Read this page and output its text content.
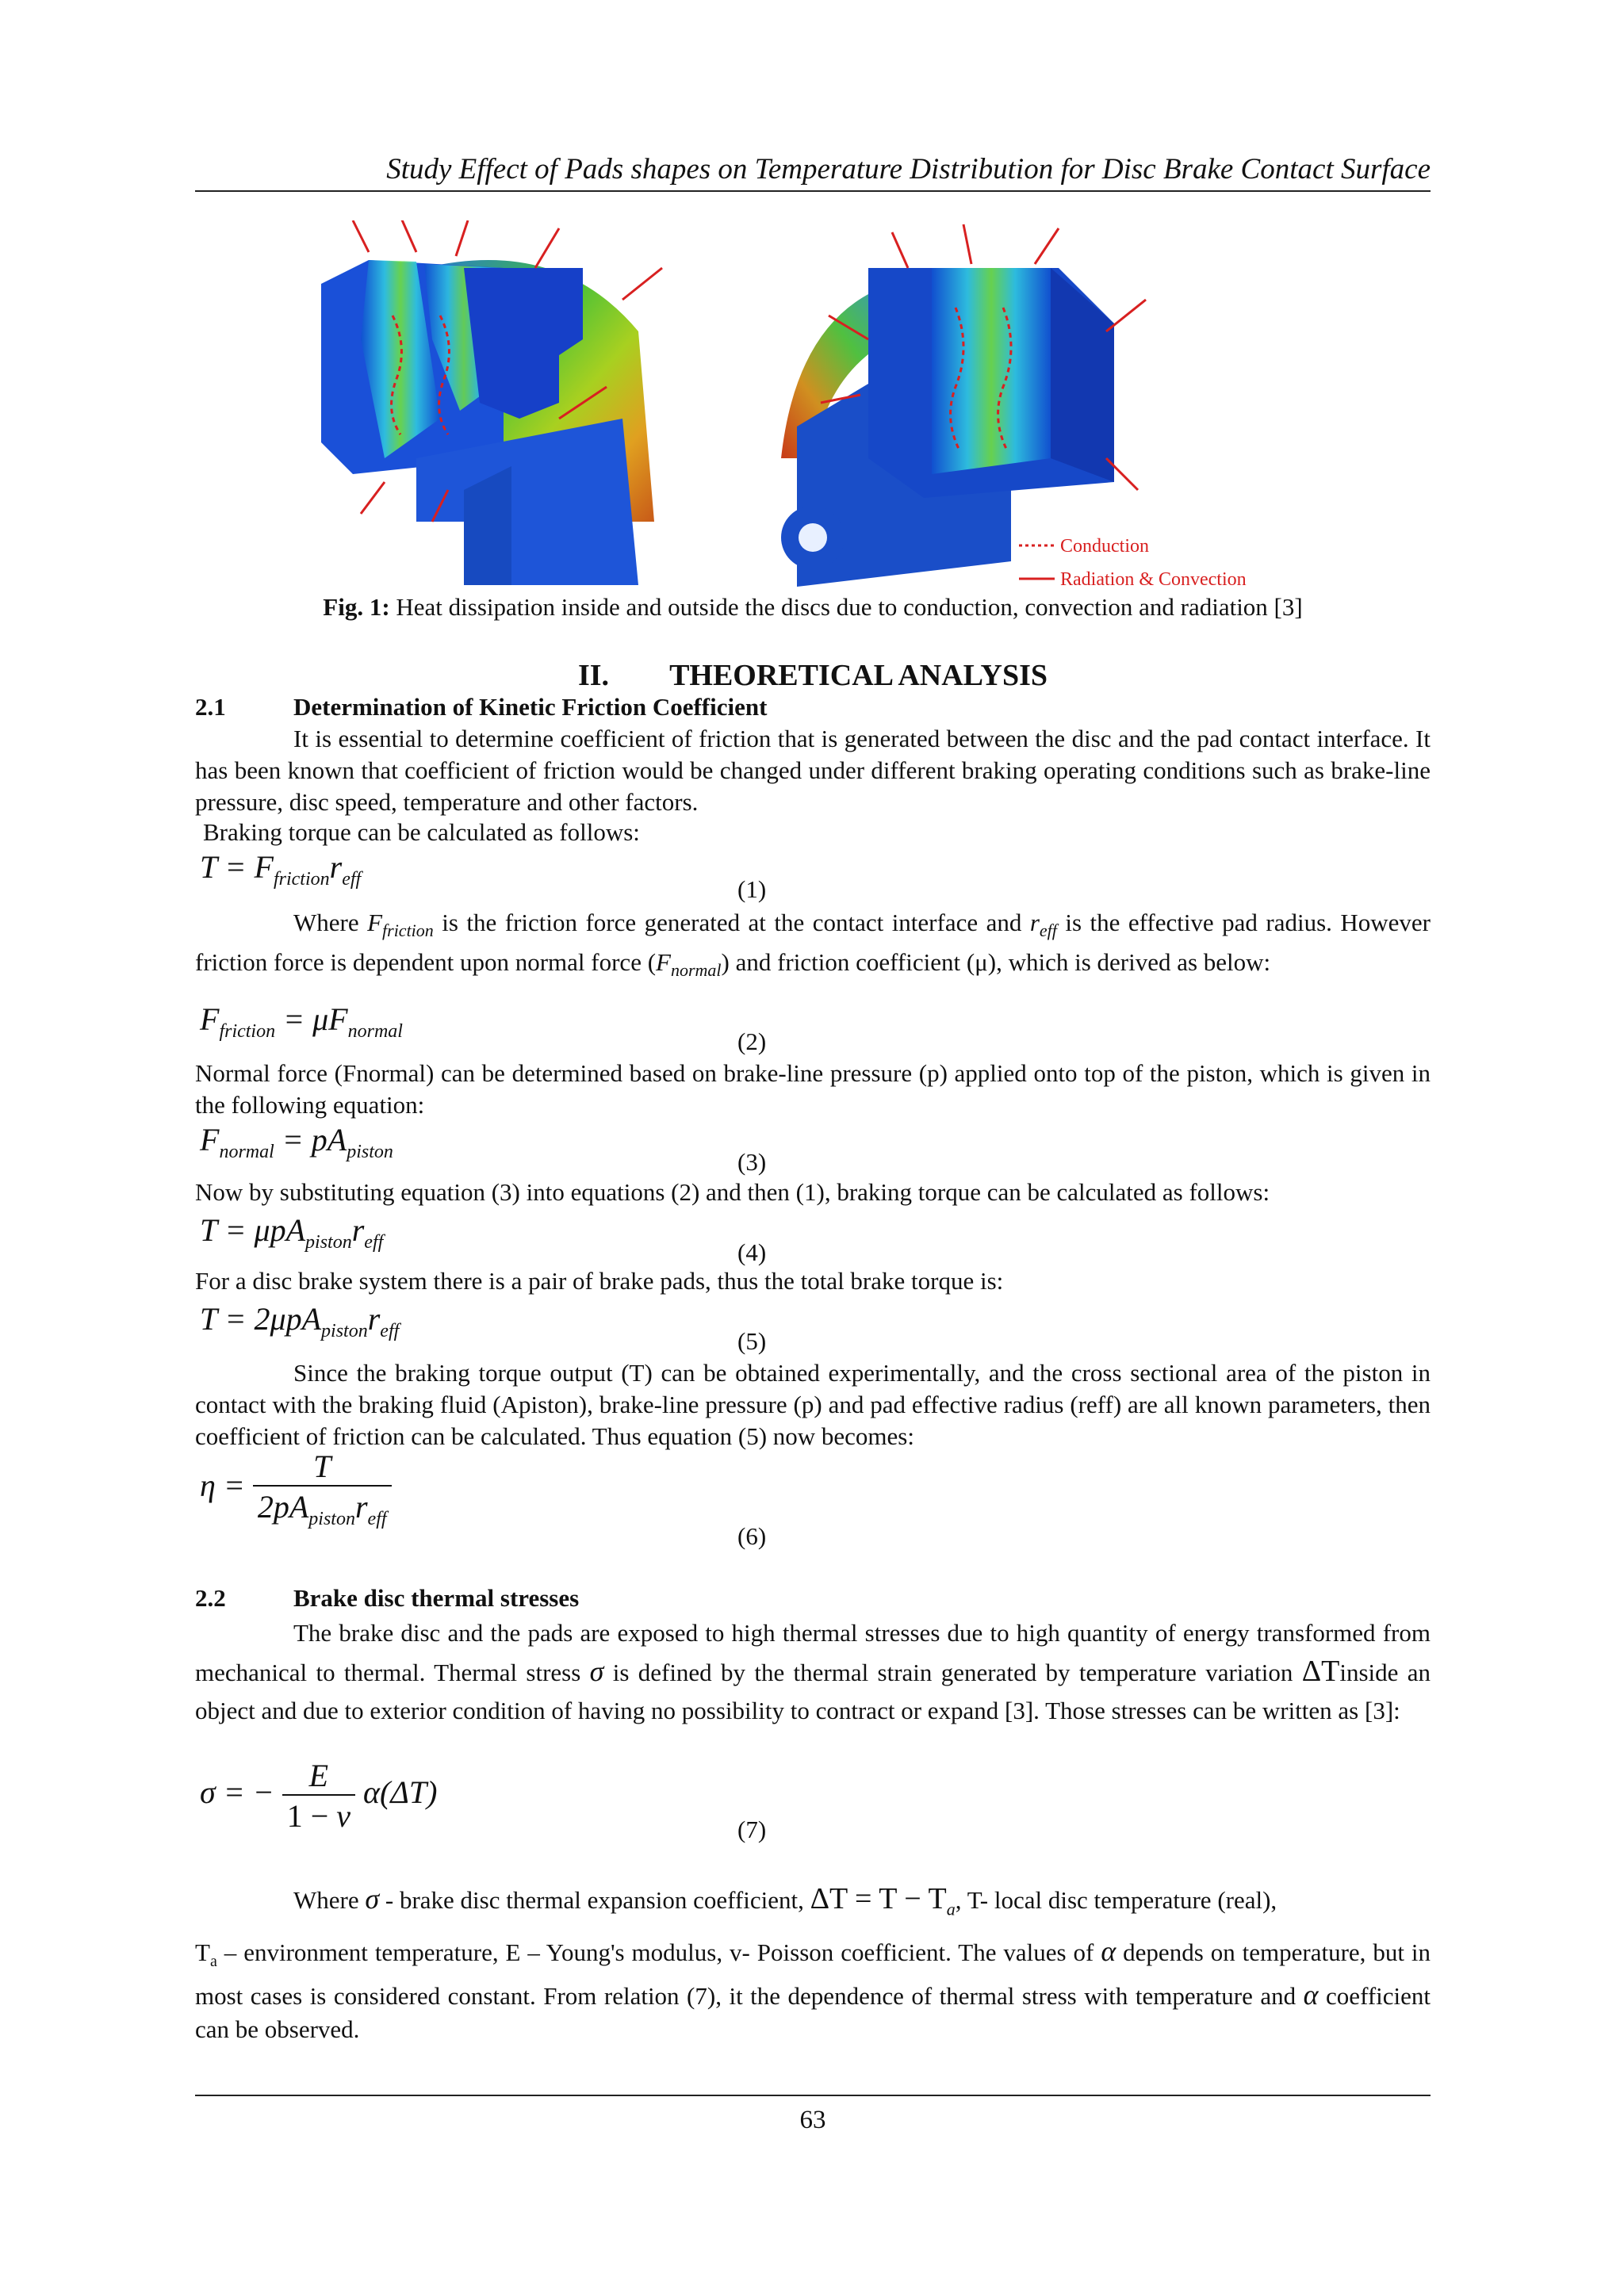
Study Effect of Pads shapes on Temperature Distribution for Disc Brake Contact Surface
Conduction
Radiation & Convection
Fig. 1: Heat dissipation inside and outside the discs due to conduction, convection and radiation [3]
II. THEORETICAL ANALYSIS
2.1	Determination of Kinetic Friction Coefficient
It is essential to determine coefficient of friction that is generated between the disc and the pad contact interface. It has been known that coefficient of friction would be changed under different braking operating conditions such as brake-line pressure, disc speed, temperature and other factors.
Braking torque can be calculated as follows:
$T = F_{friction}r_{eff}$	(1)
Where $F_{friction}$ is the friction force generated at the contact interface and $r_{eff}$ is the effective pad radius. However friction force is dependent upon normal force $(F_{normal})$ and friction coefficient (μ), which is derived as below:
$F_{friction} = \mu F_{normal}$	(2)
Normal force (Fnormal) can be determined based on brake-line pressure (p) applied onto top of the piston, which is given in the following equation:
$F_{normal} = pA_{piston}$	(3)
Now by substituting equation (3) into equations (2) and then (1), braking torque can be calculated as follows:
$T = \mu pA_{piston}r_{eff}$	(4)
For a disc brake system there is a pair of brake pads, thus the total brake torque is:
$T = 2\mu pA_{piston}r_{eff}$	(5)
Since the braking torque output (T) can be obtained experimentally, and the cross sectional area of the piston in contact with the braking fluid (Apiston), brake-line pressure (p) and pad effective radius (reff) are all known parameters, then coefficient of friction can be calculated. Thus equation (5) now becomes:
$\eta = \frac{T}{2pA_{piston}r_{eff}}$
(6)
2.2	Brake disc thermal stresses
The brake disc and the pads are exposed to high thermal stresses due to high quantity of energy transformed from mechanical to thermal. Thermal stress σ is defined by the thermal strain generated by temperature variation ΔTinside an object and due to exterior condition of having no possibility to contract or expand [3]. Those stresses can be written as [3]:
σ = − $\frac{E}{1 - v} \alpha(\Delta T)$
(7)
Where σ - brake disc thermal expansion coefficient, $\Delta T = T - T_a$, T- local disc temperature (real),
$T_a$ – environment temperature, E – Young's modulus, v- Poisson coefficient. The values of α depends on temperature, but in most cases is considered constant. From relation (7), it the dependence of thermal stress with temperature and α coefficient can be observed.
63
